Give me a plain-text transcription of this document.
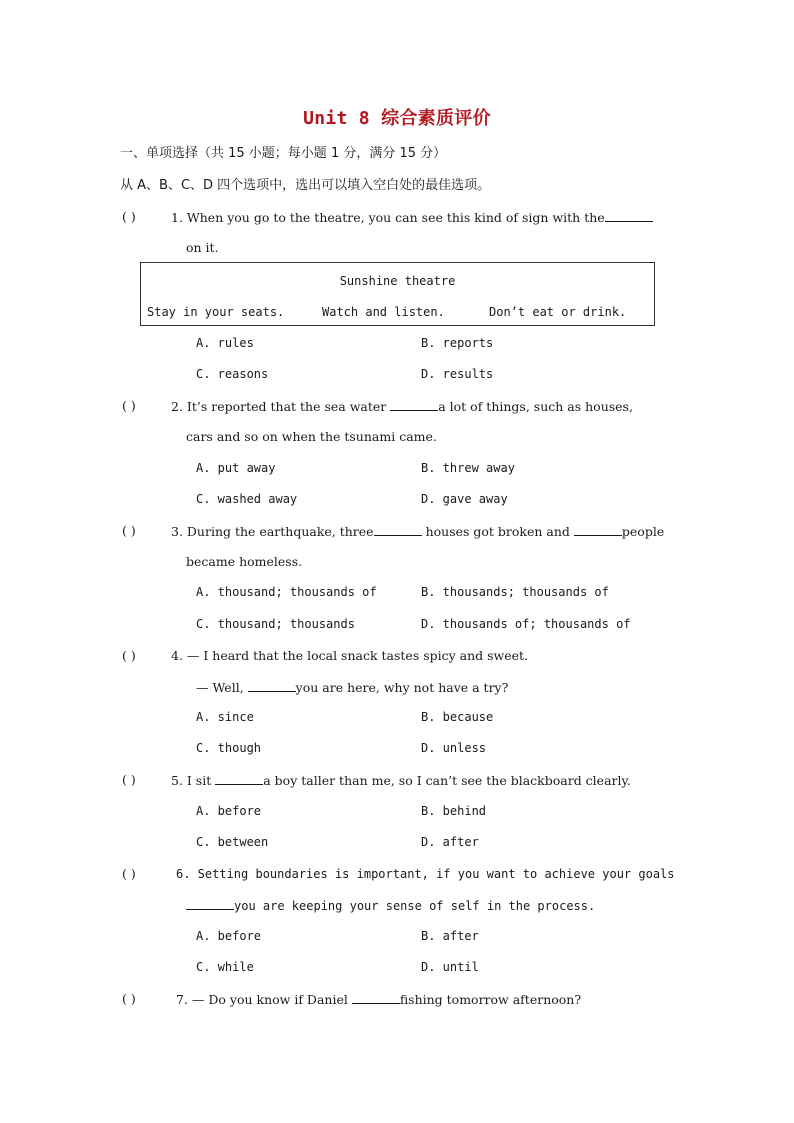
Unit 8 综合素质评价
一、单项选择（共 15 小题；每小题 1 分，满分 15 分）
从 A、B、C、D 四个选项中，选出可以填入空白处的最佳选项。
( )	1. When you go to the theatre, you can see this kind of sign with the
on it.
Sunshine theatre
Stay in your seats.	Watch and listen.	Don’t eat or drink.
A. rules	B. reports
C. reasons	D. results
( )	2. It’s reported that the sea water	a lot of things, such as houses,
cars and so on when the tsunami came.
A. put away	B. threw away
C. washed away	D. gave away
( )	3. During the earthquake, three	houses got broken and	people
became homeless.
A. thousand; thousands of	B. thousands; thousands of
C. thousand; thousands	D. thousands of; thousands of
( )	4. — I heard that the local snack tastes spicy and sweet.
— Well,	you are here, why not have a try?
A. since	B. because
C. though	D. unless
( )	5. I sit	a boy taller than me, so I can’t see the blackboard clearly.
A. before	B. behind
C. between	D. after
( )	6. Setting boundaries is important, if you want to achieve your goals
you are keeping your sense of self in the process.
A. before	B. after
C. while	D. until
( )	7. — Do you know if Daniel	fishing tomorrow afternoon?
